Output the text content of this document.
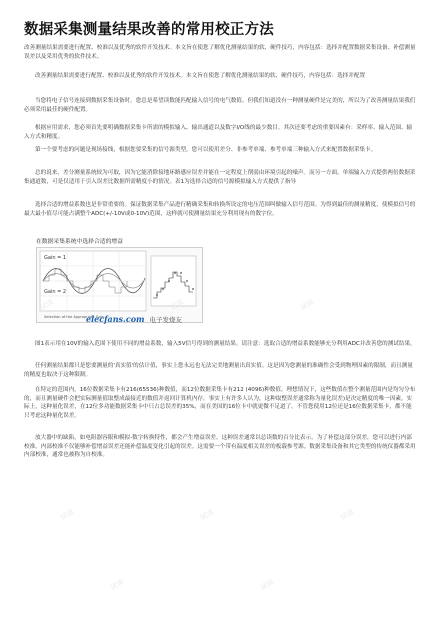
数据采集测量结果改善的常用校正方法
改善测量结果需要进行配置、校准以及优秀的软件开发技术。本文旨在使您了解优化测量结果的软、硬件技巧，内容包括：选择并配置数据采集设备、补偿测量误差以及采用优秀的软件技术。
改善测量结果需要进行配置、校准以及优秀的软件开发技术。本文旨在使您了解优化测量结果的软、硬件技巧，内容包括：选择并配置
当您将电子信号连接到数据采集设备时，您总是希望读数能匹配输入信号的电气数值。但我们知道没有一种测量硬件是完美的，所以为了改善测量结果我们必须采用最佳的硬件配置。
根据应用需求，您必须首先要明确数据采集卡所需的模拟输入、输出通道以及数字I/O线的最少数目。其次还要考虑的重要因素有：采样率、输入范围、输入方式和精度。
第一个要考虑的问题是现场接线，根据您要采集的信号源类型，您可以使用差分、非参考单端、参考单端三种输入方式来配置数据采集卡。
总的说来，差分测量系统较为可取，因为它能消除接地环路感应误差并能在一定程度上削弱由环境引起的噪声。而另一方面，单端输入方式提供两倍数据采集通道数，可是仅适用于引入误差比数据所需精度小的情况。表1为选择合适的信号源模拟输入方式提供了指导
选择合适的增益系数也是非常重要的。保证数据采集产品进行精确采集和转换所设定的电压范围叫做输入信号范围。为得到最佳的测量精度，使模拟信号的最大最小值尽可能占满整个ADC(+/-10V或0-10V)范围，这样就可使测量结果充分利用现有的数字位。
在数据采集系统中选择合适的增益
Gain = 1
Gain = 2
Selection of the Appropriate Gain
elecfans.com 电子发烧友
图1表示用在10V的输入范围下使用不同的增益系数，输入5V信号得到的测量结果。请注意：选取合适的增益系数能够充分利用ADC并改善您的测试结果。
任何测量结果都只是您要测量的'真实值'的估计值，事实上您永远也无法完美地测量出真实值。这是因为您测量的准确性会受到物理因素的限制，而且测量的精度也取决于这种限制。
在特定的范围内，16位数据采集卡有216(65536)种数值，而12位数据采集卡有212 (4096)种数值。理想情况下，这些数值在整个测量范围内是均匀分布的，而且测量硬件会把实际测量值取整成最接近的数值并返回计算机内存。事实上有许多人认为，这种取整误差通常称为量化误差)是决定精度的唯一因素。实际上，这种量化误差，在12位多功能数据采集卡中只占总误差的35%，而在美国的16位卡中就更微不足道了。不管您使用12位还是16位数据采集卡，都不能只考虑这种量化误差。
放大器中的缺陷，如电阻器容限和模拟-数字转换特性，都会产生增益误差。这种误差通常以总读数的百分比表示。为了补偿这部分误差，您可以进行内部校准。内部校准不仅能够补偿增益误差还能补偿温度变化引起的误差。这需要一个带有温度相关误差的板载参考源。数据采集设备和其它类型的传统仪器都采用内部校准，通常也被称为自校准。
试读	试读	试读
试读	试读	试读
试读	试读
